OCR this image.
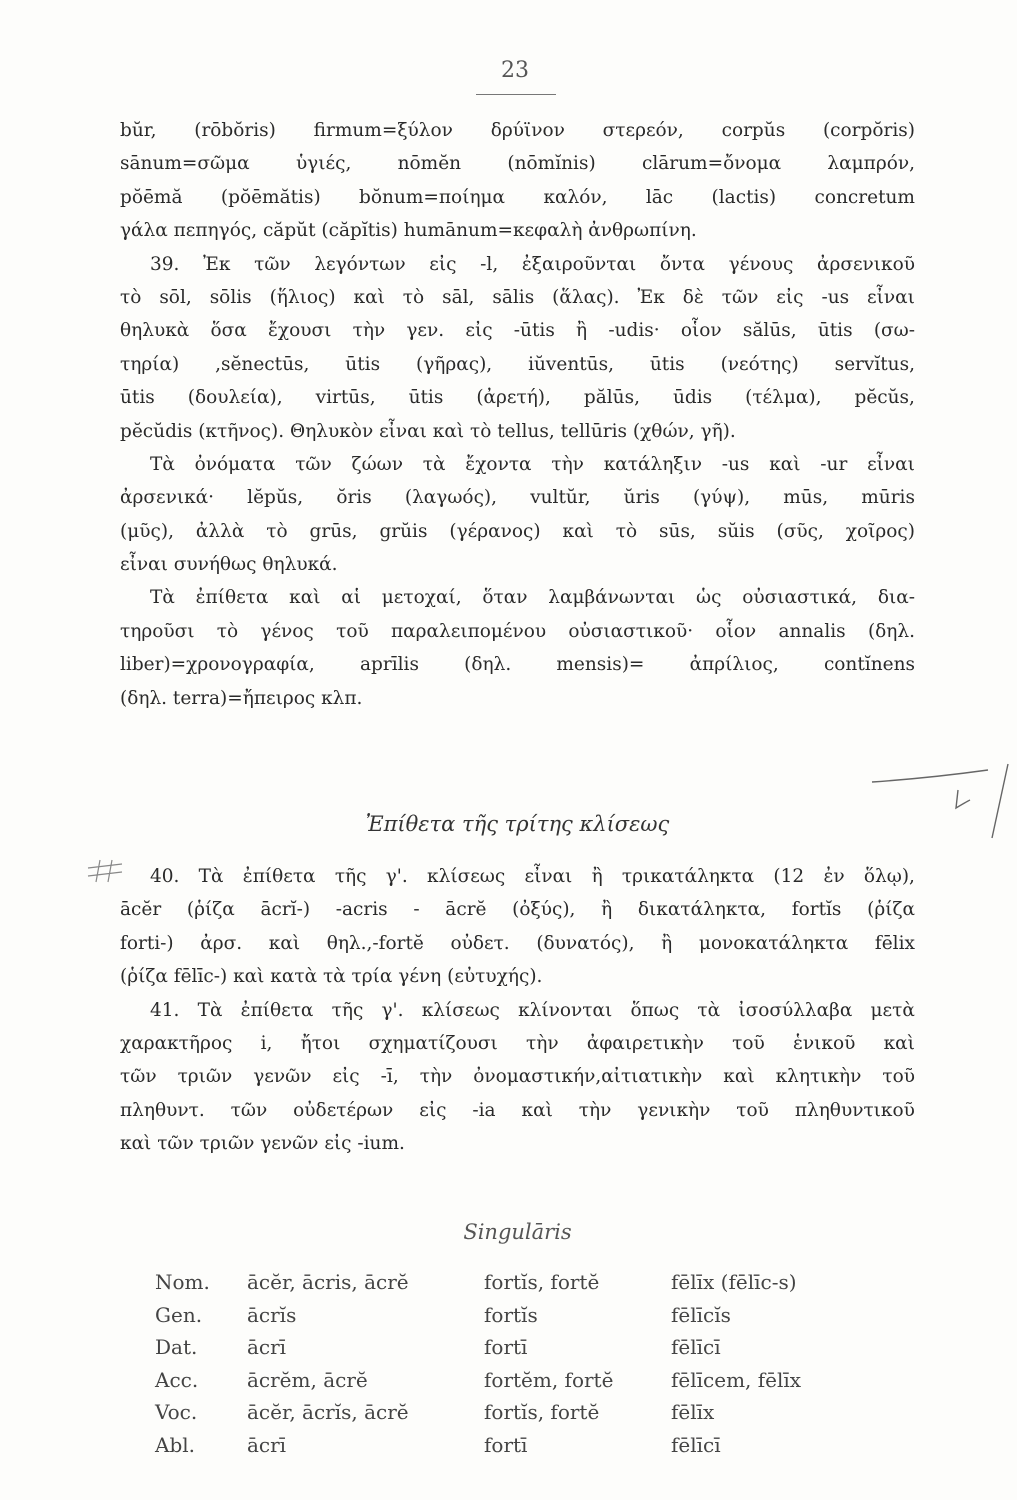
23
bŭr, (rōbŏris) firmum=ξύλον δρύϊνον στερεόν, corpŭs (corpŏris)
sānum=σῶμα	ὑγιές,	nōmĕn	(nōmĭnis)	clārum=ὄνομα	λαμπρόν,
pŏēmă (pŏēmătis) bŏnum=ποίημα καλόν, lāc (lactis) concretum
γάλα πεπηγός, căpŭt (căpĭtis) humānum=κεφαλὴ ἀνθρωπίνη.
39. Ἐκ τῶν λεγόντων εἰς -l, ἐξαιροῦνται ὄντα γένους ἀρσενικοῦ
τὸ sōl, sōlis (ἥλιος) καὶ τὸ sāl, sālis (ἅλας). Ἐκ δὲ τῶν εἰς -us εἶναι
θηλυκὰ ὅσα ἔχουσι τὴν γεν. εἰς -ūtis ἢ -udis· οἷον sălūs, ūtis (σω-
τηρία) ,sĕnectūs, ūtis (γῆρας), iŭventūs, ūtis (νεότης) servĭtus,
ūtis (δουλεία), virtūs, ūtis (ἀρετή), pălūs, ūdis (τέλμα), pĕcŭs,
pĕcŭdis (κτῆνος). Θηλυκὸν εἶναι καὶ τὸ tellus, tellūris (χθών, γῆ).
Τὰ ὀνόματα τῶν ζώων τὰ ἔχοντα τὴν κατάληξιν -us καὶ -ur εἶναι
ἀρσενικά· lĕpŭs, ŏris (λαγωός), vultŭr, ŭris (γύψ), mūs, mūris
(μῦς), ἀλλὰ τὸ grūs, grŭis (γέρανος) καὶ τὸ sūs, sŭis (σῦς, χοῖρος)
εἶναι συνήθως θηλυκά.
Τὰ ἐπίθετα καὶ αἱ μετοχαί, ὅταν λαμβάνωνται ὡς οὐσιαστικά, δια-
τηροῦσι τὸ γένος τοῦ παραλειπομένου οὐσιαστικοῦ· οἷον annalis (δηλ.
liber)=χρονογραφία, aprīlis (δηλ. mensis)= ἀπρίλιος, contĭnens
(δηλ. terra)=ἤπειρος κλπ.
Ἐπίθετα τῆς τρίτης κλίσεως
40. Τὰ ἐπίθετα τῆς γ'. κλίσεως εἶναι ἢ τρικατάληκτα (12 ἐν ὅλῳ),
ācĕr (ῥίζα ācrĭ-) -acris - ācrĕ (ὀξύς), ἢ δικατάληκτα, fortĭs (ῥίζα
forti-) ἀρσ. καὶ θηλ.,-fortĕ οὐδετ. (δυνατός), ἢ μονοκατάληκτα fēlix
(ῥίζα fēlīc-) καὶ κατὰ τὰ τρία γένη (εὐτυχής).
41. Τὰ ἐπίθετα τῆς γ'. κλίσεως κλίνονται ὅπως τὰ ἰσοσύλλαβα μετὰ
χαρακτῆρος i, ἤτοι σχηματίζουσι τὴν ἀφαιρετικὴν τοῦ ἑνικοῦ καὶ
τῶν τριῶν γενῶν εἰς -ī, τὴν ὀνομαστικήν,αἰτιατικὴν καὶ κλητικὴν τοῦ
πληθυντ. τῶν οὐδετέρων εἰς -ia καὶ τὴν γενικὴν τοῦ πληθυντικοῦ
καὶ τῶν τριῶν γενῶν εἰς -ium.
Singulāris
Nom.	ācĕr, ācris, ācrĕ	fortĭs, fortĕ	fēlīx (fēlīc-s)
Gen.	ācrĭs	fortĭs	fēlīcĭs
Dat.	ācrī	fortī	fēlīcī
Acc.	ācrĕm, ācrĕ	fortĕm, fortĕ	fēlīcem, fēlīx
Voc.	ācĕr, ācrĭs, ācrĕ	fortĭs, fortĕ	fēlīx
Abl.	ācrī	fortī	fēlīcī
